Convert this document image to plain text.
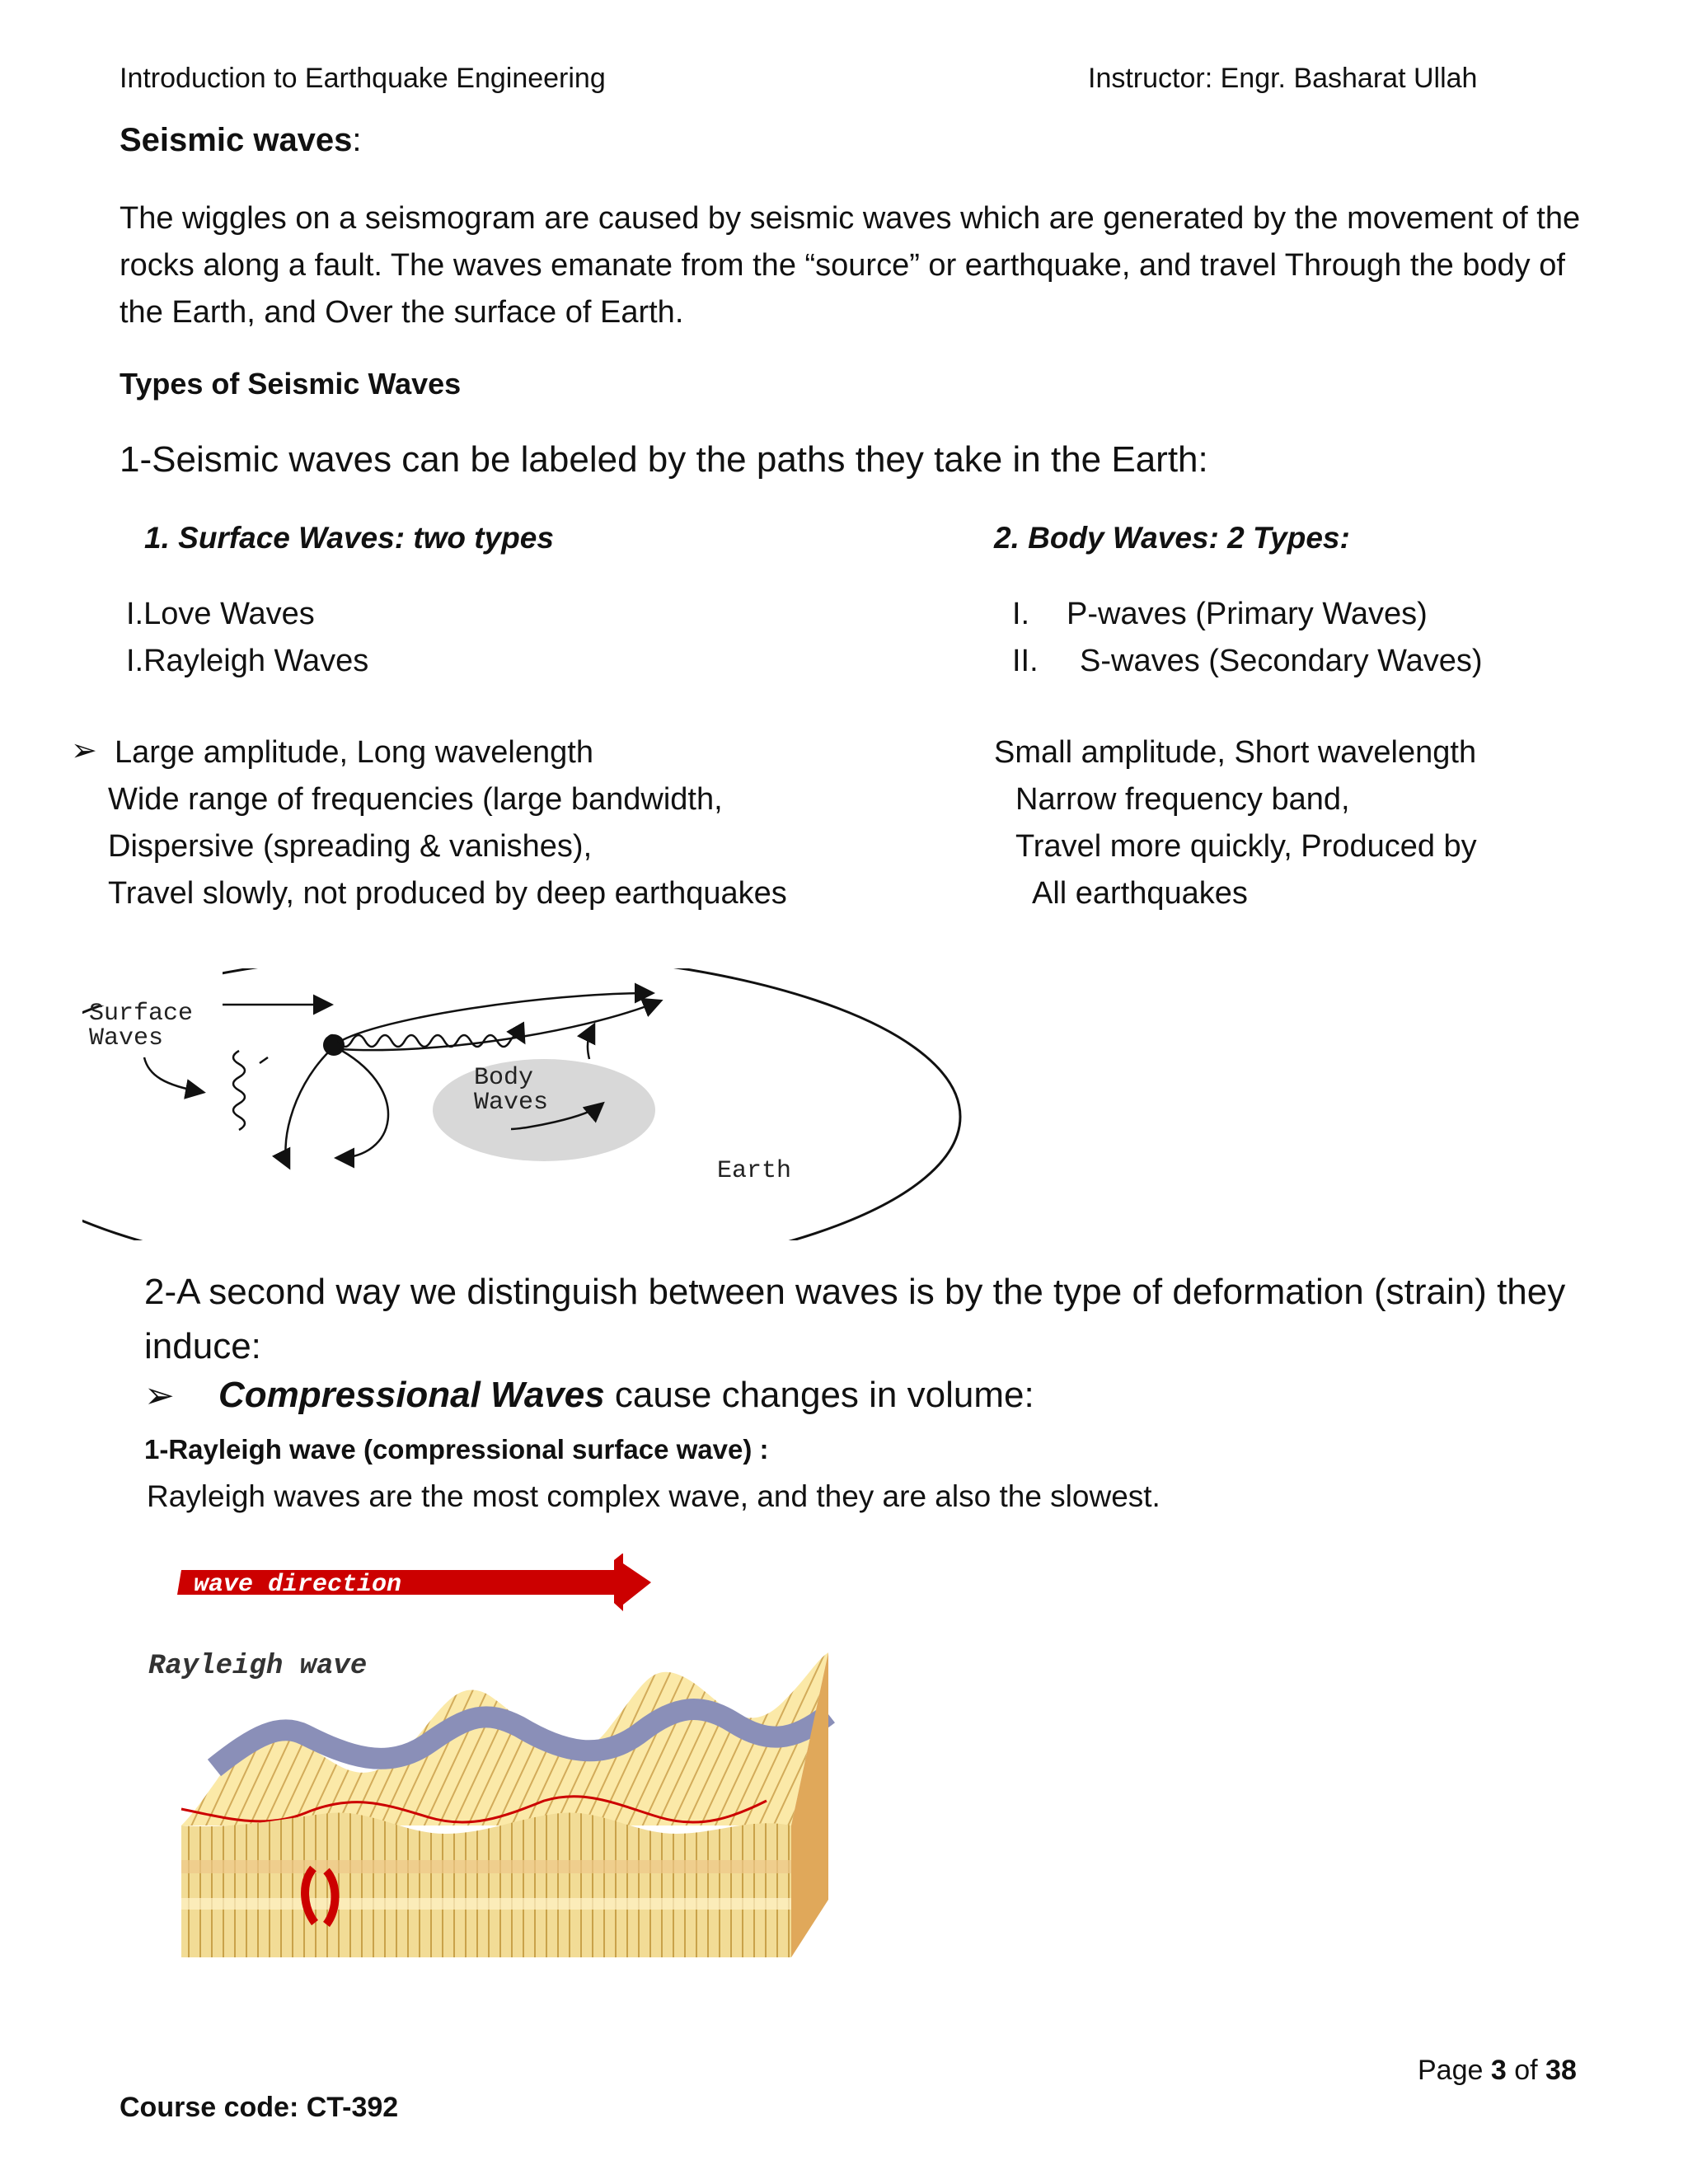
Introduction to Earthquake Engineering	Instructor: Engr. Basharat Ullah
Seismic waves:
The wiggles on a seismogram are caused by seismic waves which are generated by the movement of the
rocks along a fault. The waves emanate from the “source” or earthquake, and travel Through the body of
the Earth, and Over the surface of Earth.
Types of Seismic Waves
1-Seismic waves can be labeled by the paths they take in the Earth:
1. Surface Waves: two types
I.Love Waves
I.Rayleigh Waves
➢ Large amplitude, Long wavelength
Wide range of frequencies (large bandwidth,
Dispersive (spreading & vanishes),
Travel slowly, not produced by deep earthquakes
2. Body Waves: 2 Types:
I. P-waves (Primary Waves)
II. S-waves (Secondary Waves)
Small amplitude, Short wavelength
Narrow frequency band,
Travel more quickly, Produced by
All earthquakes
Surface
Waves
Body
Waves
Earth
2-A second way we distinguish between waves is by the type of deformation (strain) they
induce:
➢ Compressional Waves cause changes in volume:
1-Rayleigh wave (compressional surface wave) :
Rayleigh waves are the most complex wave, and they are also the slowest.
wave direction
Rayleigh wave
Page 3 of 38
Course code: CT-392
